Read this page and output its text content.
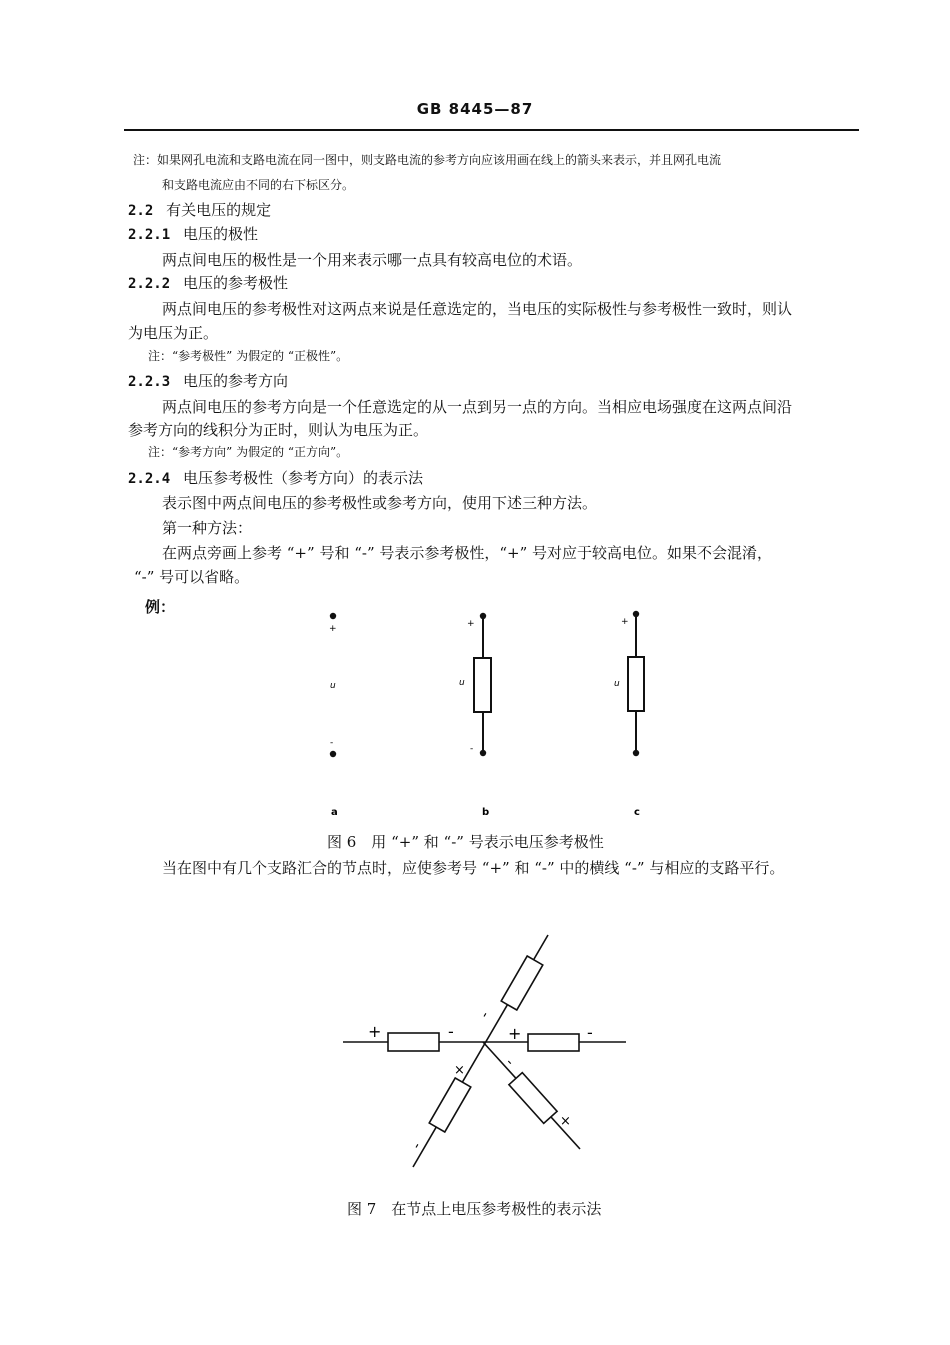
GB 8445—87
注：如果网孔电流和支路电流在同一图中，则支路电流的参考方向应该用画在线上的箭头来表示，并且网孔电流
和支路电流应由不同的右下标区分。
2.2 有关电压的规定
2.2.1 电压的极性
两点间电压的极性是一个用来表示哪一点具有较高电位的术语。
2.2.2 电压的参考极性
两点间电压的参考极性对这两点来说是任意选定的，当电压的实际极性与参考极性一致时，则认
为电压为正。
注：“参考极性” 为假定的 “正极性”。
2.2.3 电压的参考方向
两点间电压的参考方向是一个任意选定的从一点到另一点的方向。当相应电场强度在这两点间沿
参考方向的线积分为正时，则认为电压为正。
注：“参考方向” 为假定的 “正方向”。
2.2.4 电压参考极性（参考方向）的表示法
表示图中两点间电压的参考极性或参考方向，使用下述三种方法。
第一种方法：
在两点旁画上参考 “+” 号和 “-” 号表示参考极性，“+” 号对应于较高电位。如果不会混淆，
“-” 号可以省略。
例：
+
u
-
a
+
u
-
b
+
u
c
图 6　用 “+” 和 “-” 号表示电压参考极性
当在图中有几个支路汇合的节点时，应使参考号 “+” 和 “-” 中的横线 “-” 与相应的支路平行。
+	-	+	-
-
×
-
-
×
图 7　在节点上电压参考极性的表示法
